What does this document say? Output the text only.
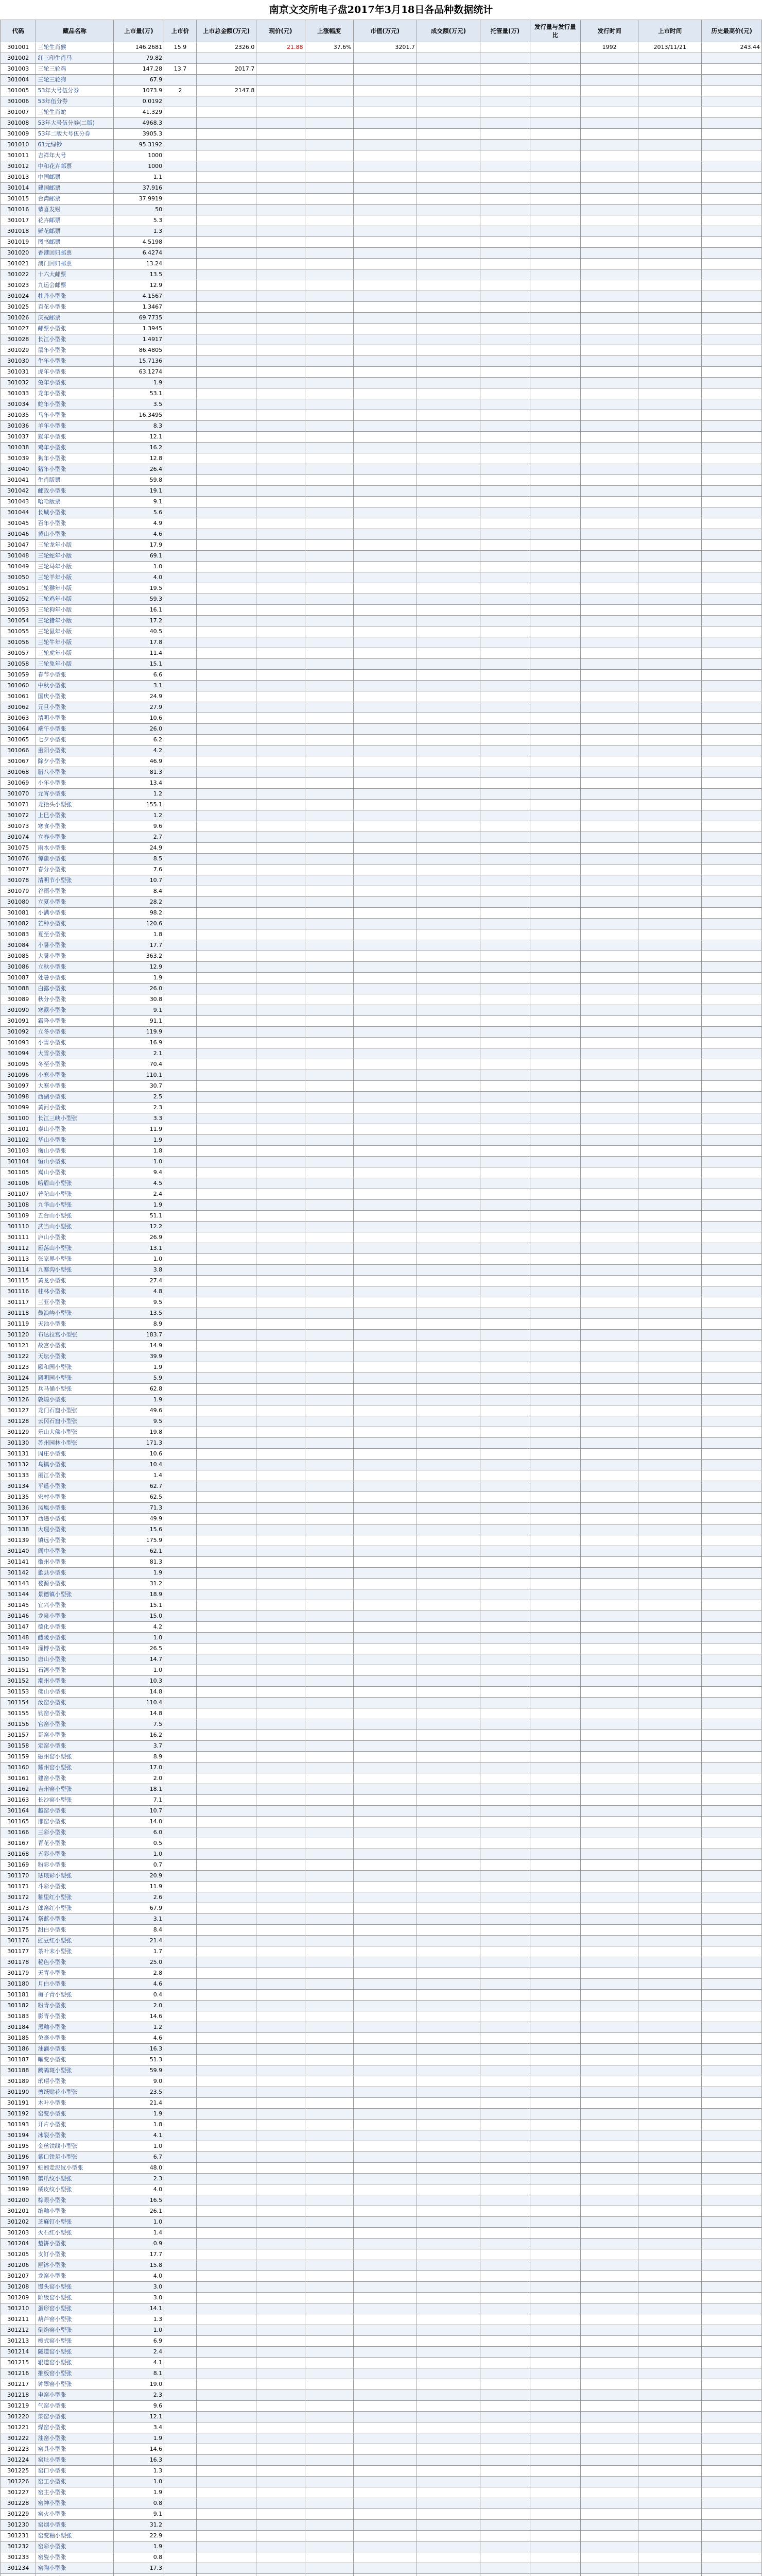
南京文交所电子盘2017年3月18日各品种数据统计
代码	藏品名称	上市量(万)	上市价	上市总金额(万元)	现价(元)	上涨幅度	市值(万元)	成交额(万元)	托管量(万)	发行量与发行量比	发行时间	上市时间	历史最高价(元)
301001	三轮生肖猴	146.2681	15.9	2326.0	21.88	37.6%	3201.7				1992	2013/11/21	243.44
301002	红三印生肖马	79.82											
301003	三轮三轮鸡	147.28	13.7	2017.7									
301004	三轮三轮狗	67.9											
301005	53年大号伍分券	1073.9	2	2147.8									
301006	53年伍分券	0.0192											
301007	三轮生肖蛇	41.329											
301008	53年大号伍分券(二版)	4968.3											
301009	53年二版大号伍分券	3905.3											
301010	61元绿钞	95.3192											
301011	吉祥年大号	1000											
301012	中和花卉邮票	1000											
301013	中国邮票	1.1											
301014	建国邮票	37.916											
301015	台湾邮票	37.9919											
301016	恭喜发财	50											
301017	花卉邮票	5.3											
301018	鲜花邮票	1.3											
301019	图书邮票	4.5198											
301020	香港回归邮票	6.4274											
301021	澳门回归邮票	13.24											
301022	十六大邮票	13.5											
301023	九运会邮票	12.9											
301024	牡丹小型张	4.1567											
301025	百花小型张	1.3467											
301026	庆祝邮票	69.7735											
301027	邮票小型张	1.3945											
301028	长江小型张	1.4917											
301029	鼠年小型张	86.4805											
301030	牛年小型张	15.7136											
301031	虎年小型张	63.1274											
301032	兔年小型张	1.9											
301033	龙年小型张	53.1											
301034	蛇年小型张	3.5											
301035	马年小型张	16.3495											
301036	羊年小型张	8.3											
301037	猴年小型张	12.1											
301038	鸡年小型张	16.2											
301039	狗年小型张	12.8											
301040	猪年小型张	26.4											
301041	生肖版票	59.8											
301042	邮政小型张	19.1											
301043	哈哈版票	9.1											
301044	长城小型张	5.6											
301045	百年小型张	4.9											
301046	黄山小型张	4.6											
301047	三轮龙年小版	17.9											
301048	三轮蛇年小版	69.1											
301049	三轮马年小版	1.0											
301050	三轮羊年小版	4.0											
301051	三轮猴年小版	19.5											
301052	三轮鸡年小版	59.3											
301053	三轮狗年小版	16.1											
301054	三轮猪年小版	17.2											
301055	三轮鼠年小版	40.5											
301056	三轮牛年小版	17.8											
301057	三轮虎年小版	11.4											
301058	三轮兔年小版	15.1											
301059	春节小型张	6.6											
301060	中秋小型张	3.1											
301061	国庆小型张	24.9											
301062	元旦小型张	27.9											
301063	清明小型张	10.6											
301064	端午小型张	26.0											
301065	七夕小型张	6.2											
301066	重阳小型张	4.2											
301067	除夕小型张	46.9											
301068	腊八小型张	81.3											
301069	小年小型张	13.4											
301070	元宵小型张	1.2											
301071	龙抬头小型张	155.1											
301072	上巳小型张	1.2											
301073	寒食小型张	9.6											
301074	立春小型张	2.7											
301075	雨水小型张	24.9											
301076	惊蛰小型张	8.5											
301077	春分小型张	7.6											
301078	清明节小型张	10.7											
301079	谷雨小型张	8.4											
301080	立夏小型张	28.2											
301081	小满小型张	98.2											
301082	芒种小型张	120.6											
301083	夏至小型张	1.8											
301084	小暑小型张	17.7											
301085	大暑小型张	363.2											
301086	立秋小型张	12.9											
301087	处暑小型张	1.9											
301088	白露小型张	26.0											
301089	秋分小型张	30.8											
301090	寒露小型张	9.1											
301091	霜降小型张	91.1											
301092	立冬小型张	119.9											
301093	小雪小型张	16.9											
301094	大雪小型张	2.1											
301095	冬至小型张	70.4											
301096	小寒小型张	110.1											
301097	大寒小型张	30.7											
301098	西湖小型张	2.5											
301099	黄河小型张	2.3											
301100	长江三峡小型张	3.3											
301101	泰山小型张	11.9											
301102	华山小型张	1.9											
301103	衡山小型张	1.8											
301104	恒山小型张	1.0											
301105	嵩山小型张	9.4											
301106	峨眉山小型张	4.5											
301107	普陀山小型张	2.4											
301108	九华山小型张	1.9											
301109	五台山小型张	51.1											
301110	武当山小型张	12.2											
301111	庐山小型张	26.9											
301112	雁荡山小型张	13.1											
301113	张家界小型张	1.0											
301114	九寨沟小型张	3.8											
301115	黄龙小型张	27.4											
301116	桂林小型张	4.8											
301117	三亚小型张	9.5											
301118	鼓浪屿小型张	13.5											
301119	天池小型张	8.9											
301120	布达拉宫小型张	183.7											
301121	故宫小型张	14.9											
301122	天坛小型张	39.9											
301123	颐和园小型张	1.9											
301124	圆明园小型张	5.9											
301125	兵马俑小型张	62.8											
301126	敦煌小型张	1.9											
301127	龙门石窟小型张	49.6											
301128	云冈石窟小型张	9.5											
301129	乐山大佛小型张	19.8											
301130	苏州园林小型张	171.3											
301131	周庄小型张	10.6											
301132	乌镇小型张	10.4											
301133	丽江小型张	1.4											
301134	平遥小型张	62.7											
301135	宏村小型张	62.5											
301136	凤凰小型张	71.3											
301137	西递小型张	49.9											
301138	大理小型张	15.6											
301139	镇远小型张	175.9											
301140	阆中小型张	62.1											
301141	徽州小型张	81.3											
301142	歙县小型张	1.9											
301143	婺源小型张	31.2											
301144	景德镇小型张	18.9											
301145	宜兴小型张	15.1											
301146	龙泉小型张	15.0											
301147	德化小型张	4.2											
301148	醴陵小型张	1.0											
301149	淄博小型张	26.5											
301150	唐山小型张	14.7											
301151	石湾小型张	1.0											
301152	潮州小型张	10.3											
301153	佛山小型张	14.8											
301154	汝窑小型张	110.4											
301155	钧窑小型张	14.8											
301156	官窑小型张	7.5											
301157	哥窑小型张	16.2											
301158	定窑小型张	3.7											
301159	磁州窑小型张	8.9											
301160	耀州窑小型张	17.0											
301161	建窑小型张	2.0											
301162	吉州窑小型张	18.1											
301163	长沙窑小型张	7.1											
301164	越窑小型张	10.7											
301165	邢窑小型张	14.0											
301166	三彩小型张	6.0											
301167	青花小型张	0.5											
301168	五彩小型张	1.0											
301169	粉彩小型张	0.7											
301170	珐琅彩小型张	20.9											
301171	斗彩小型张	11.9											
301172	釉里红小型张	2.6											
301173	郎窑红小型张	67.9											
301174	祭蓝小型张	3.1											
301175	甜白小型张	8.4											
301176	豇豆红小型张	21.4											
301177	茶叶末小型张	1.7											
301178	秘色小型张	25.0											
301179	天青小型张	2.8											
301180	月白小型张	4.6											
301181	梅子青小型张	0.4											
301182	粉青小型张	2.0											
301183	影青小型张	14.6											
301184	黑釉小型张	1.2											
301185	兔毫小型张	4.6											
301186	油滴小型张	16.3											
301187	曜变小型张	51.3											
301188	鹧鸪斑小型张	59.9											
301189	玳瑁小型张	9.0											
301190	剪纸贴花小型张	23.5											
301191	木叶小型张	21.4											
301192	窑变小型张	1.9											
301193	开片小型张	1.8											
301194	冰裂小型张	4.1											
301195	金丝铁线小型张	1.0											
301196	紫口铁足小型张	6.7											
301197	蚯蚓走泥纹小型张	48.0											
301198	蟹爪纹小型张	2.3											
301199	橘皮纹小型张	4.0											
301200	棕眼小型张	16.5											
301201	缩釉小型张	26.1											
301202	芝麻钉小型张	1.0											
301203	火石红小型张	1.4											
301204	垫饼小型张	0.9											
301205	支钉小型张	17.7											
301206	匣钵小型张	15.8											
301207	龙窑小型张	4.0											
301208	馒头窑小型张	3.0											
301209	阶级窑小型张	3.0											
301210	蛋形窑小型张	14.1											
301211	葫芦窑小型张	1.3											
301212	倒焰窑小型张	1.0											
301213	梭式窑小型张	6.9											
301214	隧道窑小型张	2.4											
301215	辊道窑小型张	4.1											
301216	推板窑小型张	8.1											
301217	钟罩窑小型张	19.0											
301218	电窑小型张	2.3											
301219	气窑小型张	9.6											
301220	柴窑小型张	12.1											
301221	煤窑小型张	3.4											
301222	油窑小型张	1.9											
301223	窑具小型张	14.6											
301224	窑址小型张	16.3											
301225	窑口小型张	1.3											
301226	窑工小型张	1.0											
301227	窑主小型张	1.9											
301228	窑神小型张	0.8											
301229	窑火小型张	9.1											
301230	窑烟小型张	31.2											
301231	窑变釉小型张	22.9											
301232	窑彩小型张	1.9											
301233	窑瓷小型张	0.8											
301234	窑陶小型张	17.3											
